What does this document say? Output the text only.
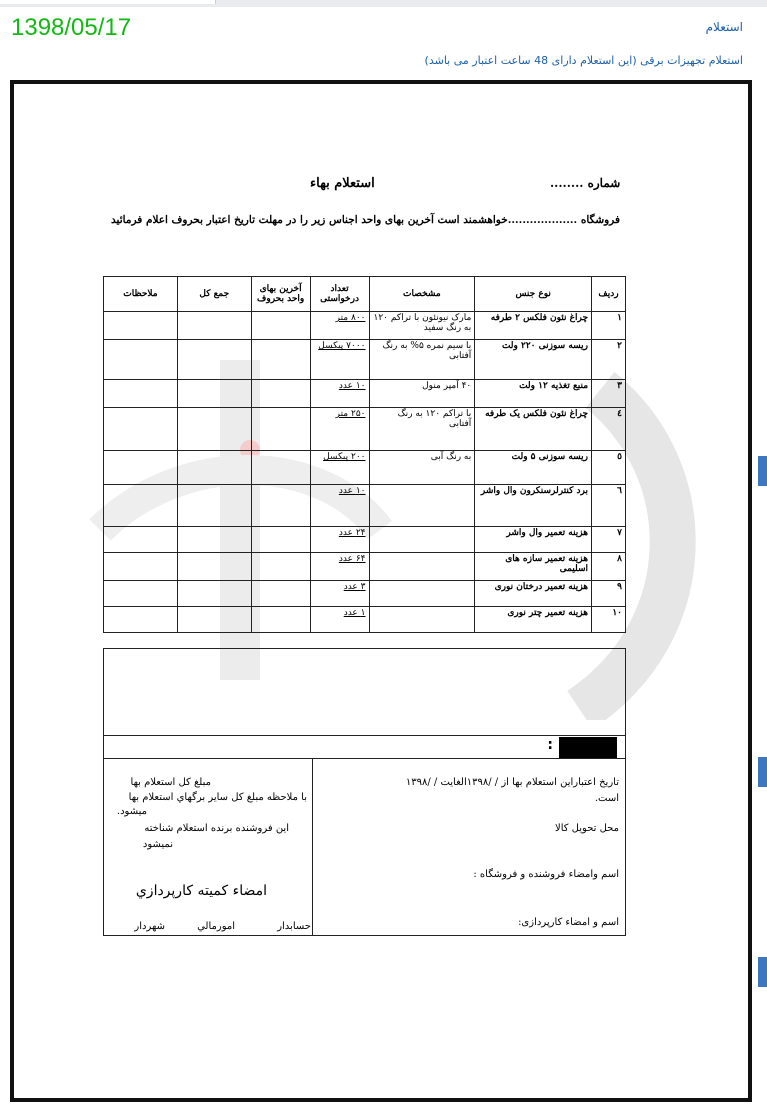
1398/05/17	استعلام
استعلام تجهیزات برقی (این استعلام دارای 48 ساعت اعتبار می باشد)
شماره ........
استعلام بهاء
فروشگاه ...................خواهشمند است آخرین بهای واحد اجناس زیر را در مهلت تاریخ اعتبار بحروف اعلام فرمائید
ردیف	نوع جنس	مشخصات	تعداد درخواستی	آخرین بهای واحد بحروف	جمع کل	ملاحظات
١	چراغ نئون فلکس ۲ طرفه	مارک نیونئون با تراکم ۱۲۰ به رنگ سفید	۸۰۰ متر			
٢	ریسه سوزنی ۲۲۰ ولت	با سیم نمره ۵% به رنگ آفتابی	۷۰۰۰ پیکسل			
٣	منبع تغذیه ۱۲ ولت	۴۰ آمپر منول	۱۰ عدد			
٤	چراغ نئون فلکس یک طرفه	با تراکم ۱۲۰ به رنگ آفتابی	۲۵۰ متر			
٥	ریسه سوزنی ۵ ولت	به رنگ آبی	۲۰۰ پیکسل			
٦	برد کنترلرسنکرون وال واشر		۱۰ عدد			
٧	هزینه تعمیر وال واشر		۲۴ عدد			
٨	هزینه تعمیر سازه های اسلیمی		۶۴ عدد			
٩	هزینه تعمیر درختان نوری		۳ عدد			
١٠	هزینه تعمیر چتر نوری		۱ عدد			
:
تاریخ اعتباراین استعلام بها از / /۱۳۹۸الغایت / /۱۳۹۸
است.
محل تحویل کالا
اسم وامضاء فروشنده و فروشگاه :
اسم و امضاء کارپردازی:
مبلغ کل استعلام بها
با ملاحظه مبلغ کل سایر برگهاي استعلام بها
میشود.
این فروشنده برنده استعلام شناخته
نمیشود
امضاء کمیته کارپردازي
حسابدار
امورمالي
شهردار
